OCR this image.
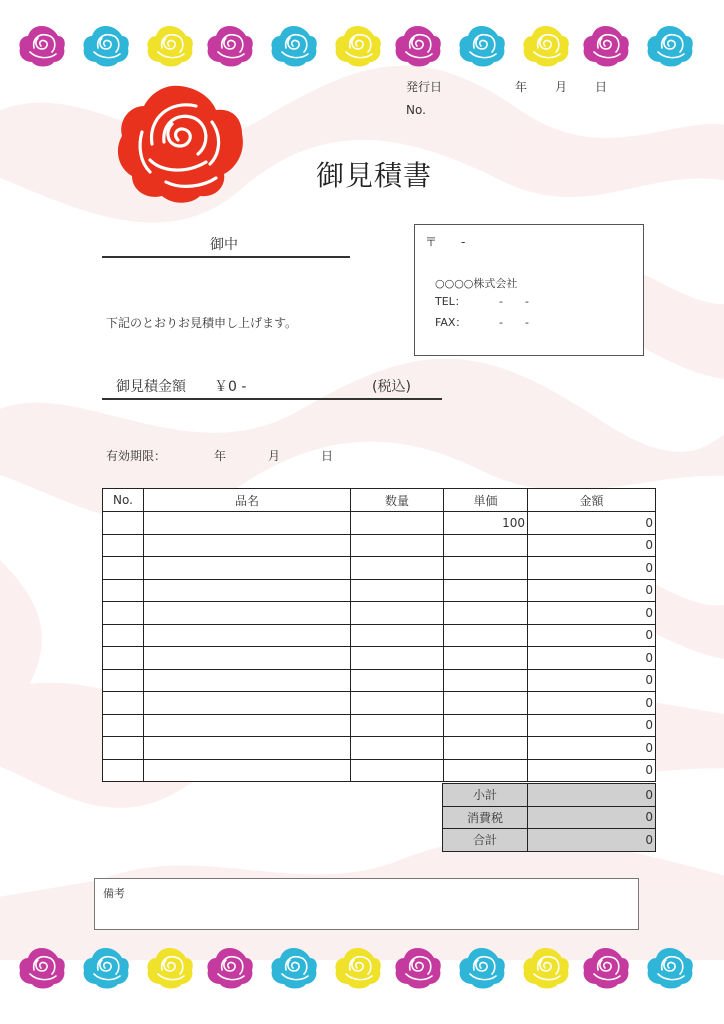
発行日	年 月 日
No.
御見積書
御中
下記のとおりお見積申し上げます。
〒　　-
○○○○株式会社
TEL：	-　　-
FAX：	-　　-
御見積金額 ￥0 -	(税込)
有効期限：	年	月	日
No.	品名	数量	単価	金額
			100	0
				0
				0
				0
				0
				0
				0
				0
				0
				0
				0
				0
小計	0
消費税	0
合計	0
備考
